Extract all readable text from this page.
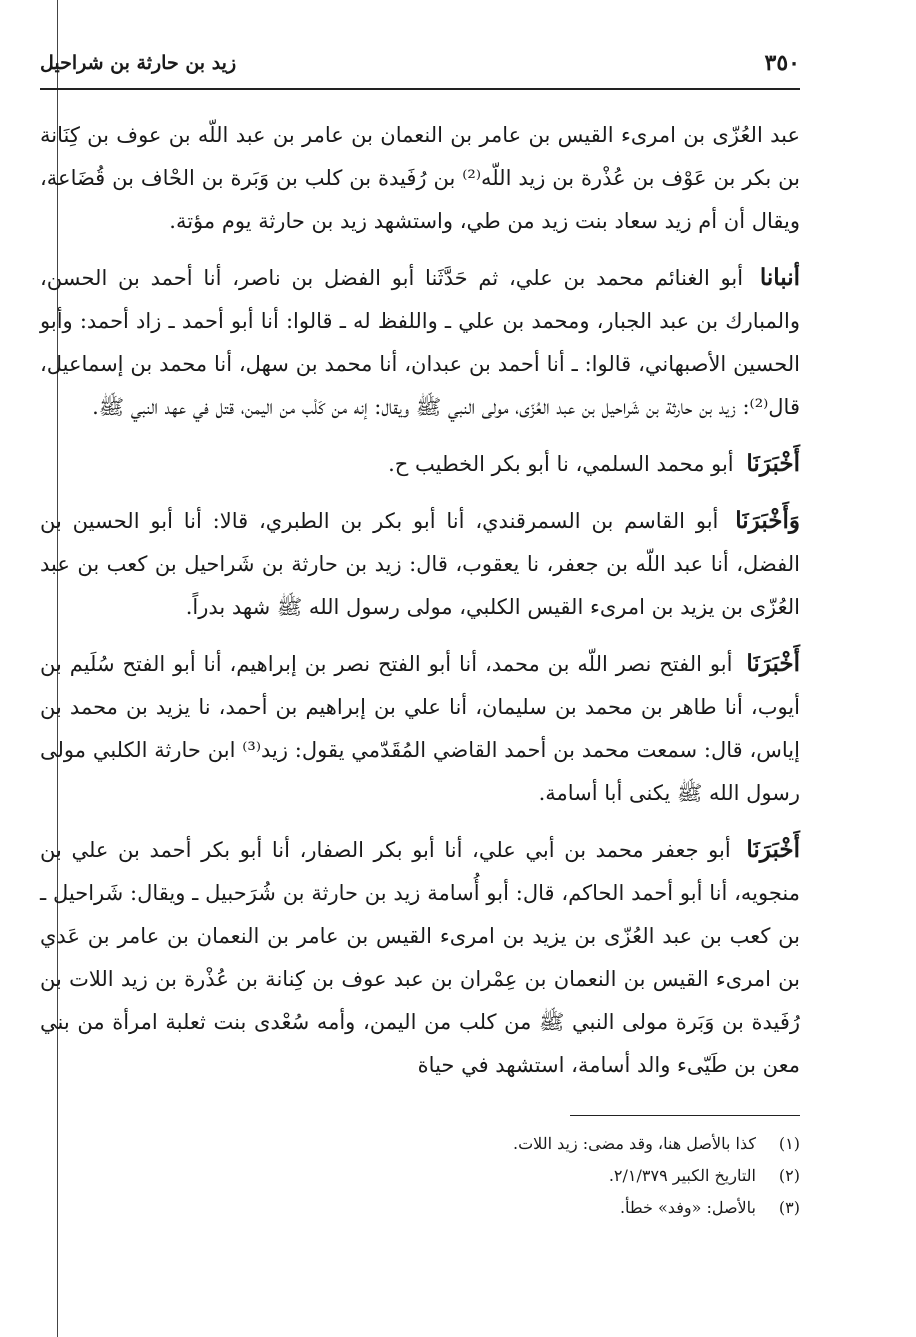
٣٥٠
زيد بن حارثة بن شراحيل

عبد العُزّى بن امرىء القيس بن عامر بن النعمان بن عامر بن عبد اللّه بن عوف بن كِنَانة بن بكر بن عَوْف بن عُذْرة بن زيد اللّه⁽²⁾ بن رُفَيدة بن كلب بن وَبَرة بن الحْاف بن قُضَاعة، ويقال أن أم زيد سعاد بنت زيد من طي، واستشهد زيد بن حارثة يوم مؤتة.

أنبانا أبو الغنائم محمد بن علي، ثم حَدَّثَنا أبو الفضل بن ناصر، أنا أحمد بن الحسن، والمبارك بن عبد الجبار، ومحمد بن علي ـ واللفظ له ـ قالوا: أنا أبو أحمد ـ زاد أحمد: وأبو الحسين الأصبهاني، قالوا: ـ أنا أحمد بن عبدان، أنا محمد بن سهل، أنا محمد بن إسماعيل، قال⁽²⁾: زيد بن حارثة بن شَراحيل بن عبد العُزّى، مولى النبي ﷺ ويقال: إنه من كَلْب من اليمن، قتل في عهد النبي ﷺ.

أَخْبَرَنَا أبو محمد السلمي، نا أبو بكر الخطيب ح.

وَأَخْبَرَنَا أبو القاسم بن السمرقندي، أنا أبو بكر بن الطبري، قالا: أنا أبو الحسين بن الفضل، أنا عبد اللّه بن جعفر، نا يعقوب، قال: زيد بن حارثة بن شَراحيل بن كعب بن عبد العُزّى بن يزيد بن امرىء القيس الكلبي، مولى رسول الله ﷺ شهد بدراً.

أَخْبَرَنَا أبو الفتح نصر اللّه بن محمد، أنا أبو الفتح نصر بن إبراهيم، أنا أبو الفتح سُلَيم بن أيوب، أنا طاهر بن محمد بن سليمان، أنا علي بن إبراهيم بن أحمد، نا يزيد بن محمد بن إياس، قال: سمعت محمد بن أحمد القاضي المُقَدّمي يقول: زيد⁽³⁾ ابن حارثة الكلبي مولى رسول الله ﷺ يكنى أبا أسامة.

أَخْبَرَنَا أبو جعفر محمد بن أبي علي، أنا أبو بكر الصفار، أنا أبو بكر أحمد بن علي بن منجويه، أنا أبو أحمد الحاكم، قال: أبو أُسامة زيد بن حارثة بن شُرَحبيل ـ ويقال: شَراحيل ـ بن كعب بن عبد العُزّى بن يزيد بن امرىء القيس بن عامر بن النعمان بن عامر بن عَدي بن امرىء القيس بن النعمان بن عِمْران بن عبد عوف بن كِنانة بن عُذْرة بن زيد اللات بن رُفَيدة بن وَبَرة مولى النبي ﷺ من كلب من اليمن، وأمه سُعْدى بنت ثعلبة امرأة من بني معن بن طَيّىء والد أسامة، استشهد في حياة

(١)
كذا بالأصل هنا، وقد مضى: زيد اللات.
(٢)
التاريخ الكبير ٢/١/٣٧٩.
(٣)
بالأصل: «وفد» خطأ.
